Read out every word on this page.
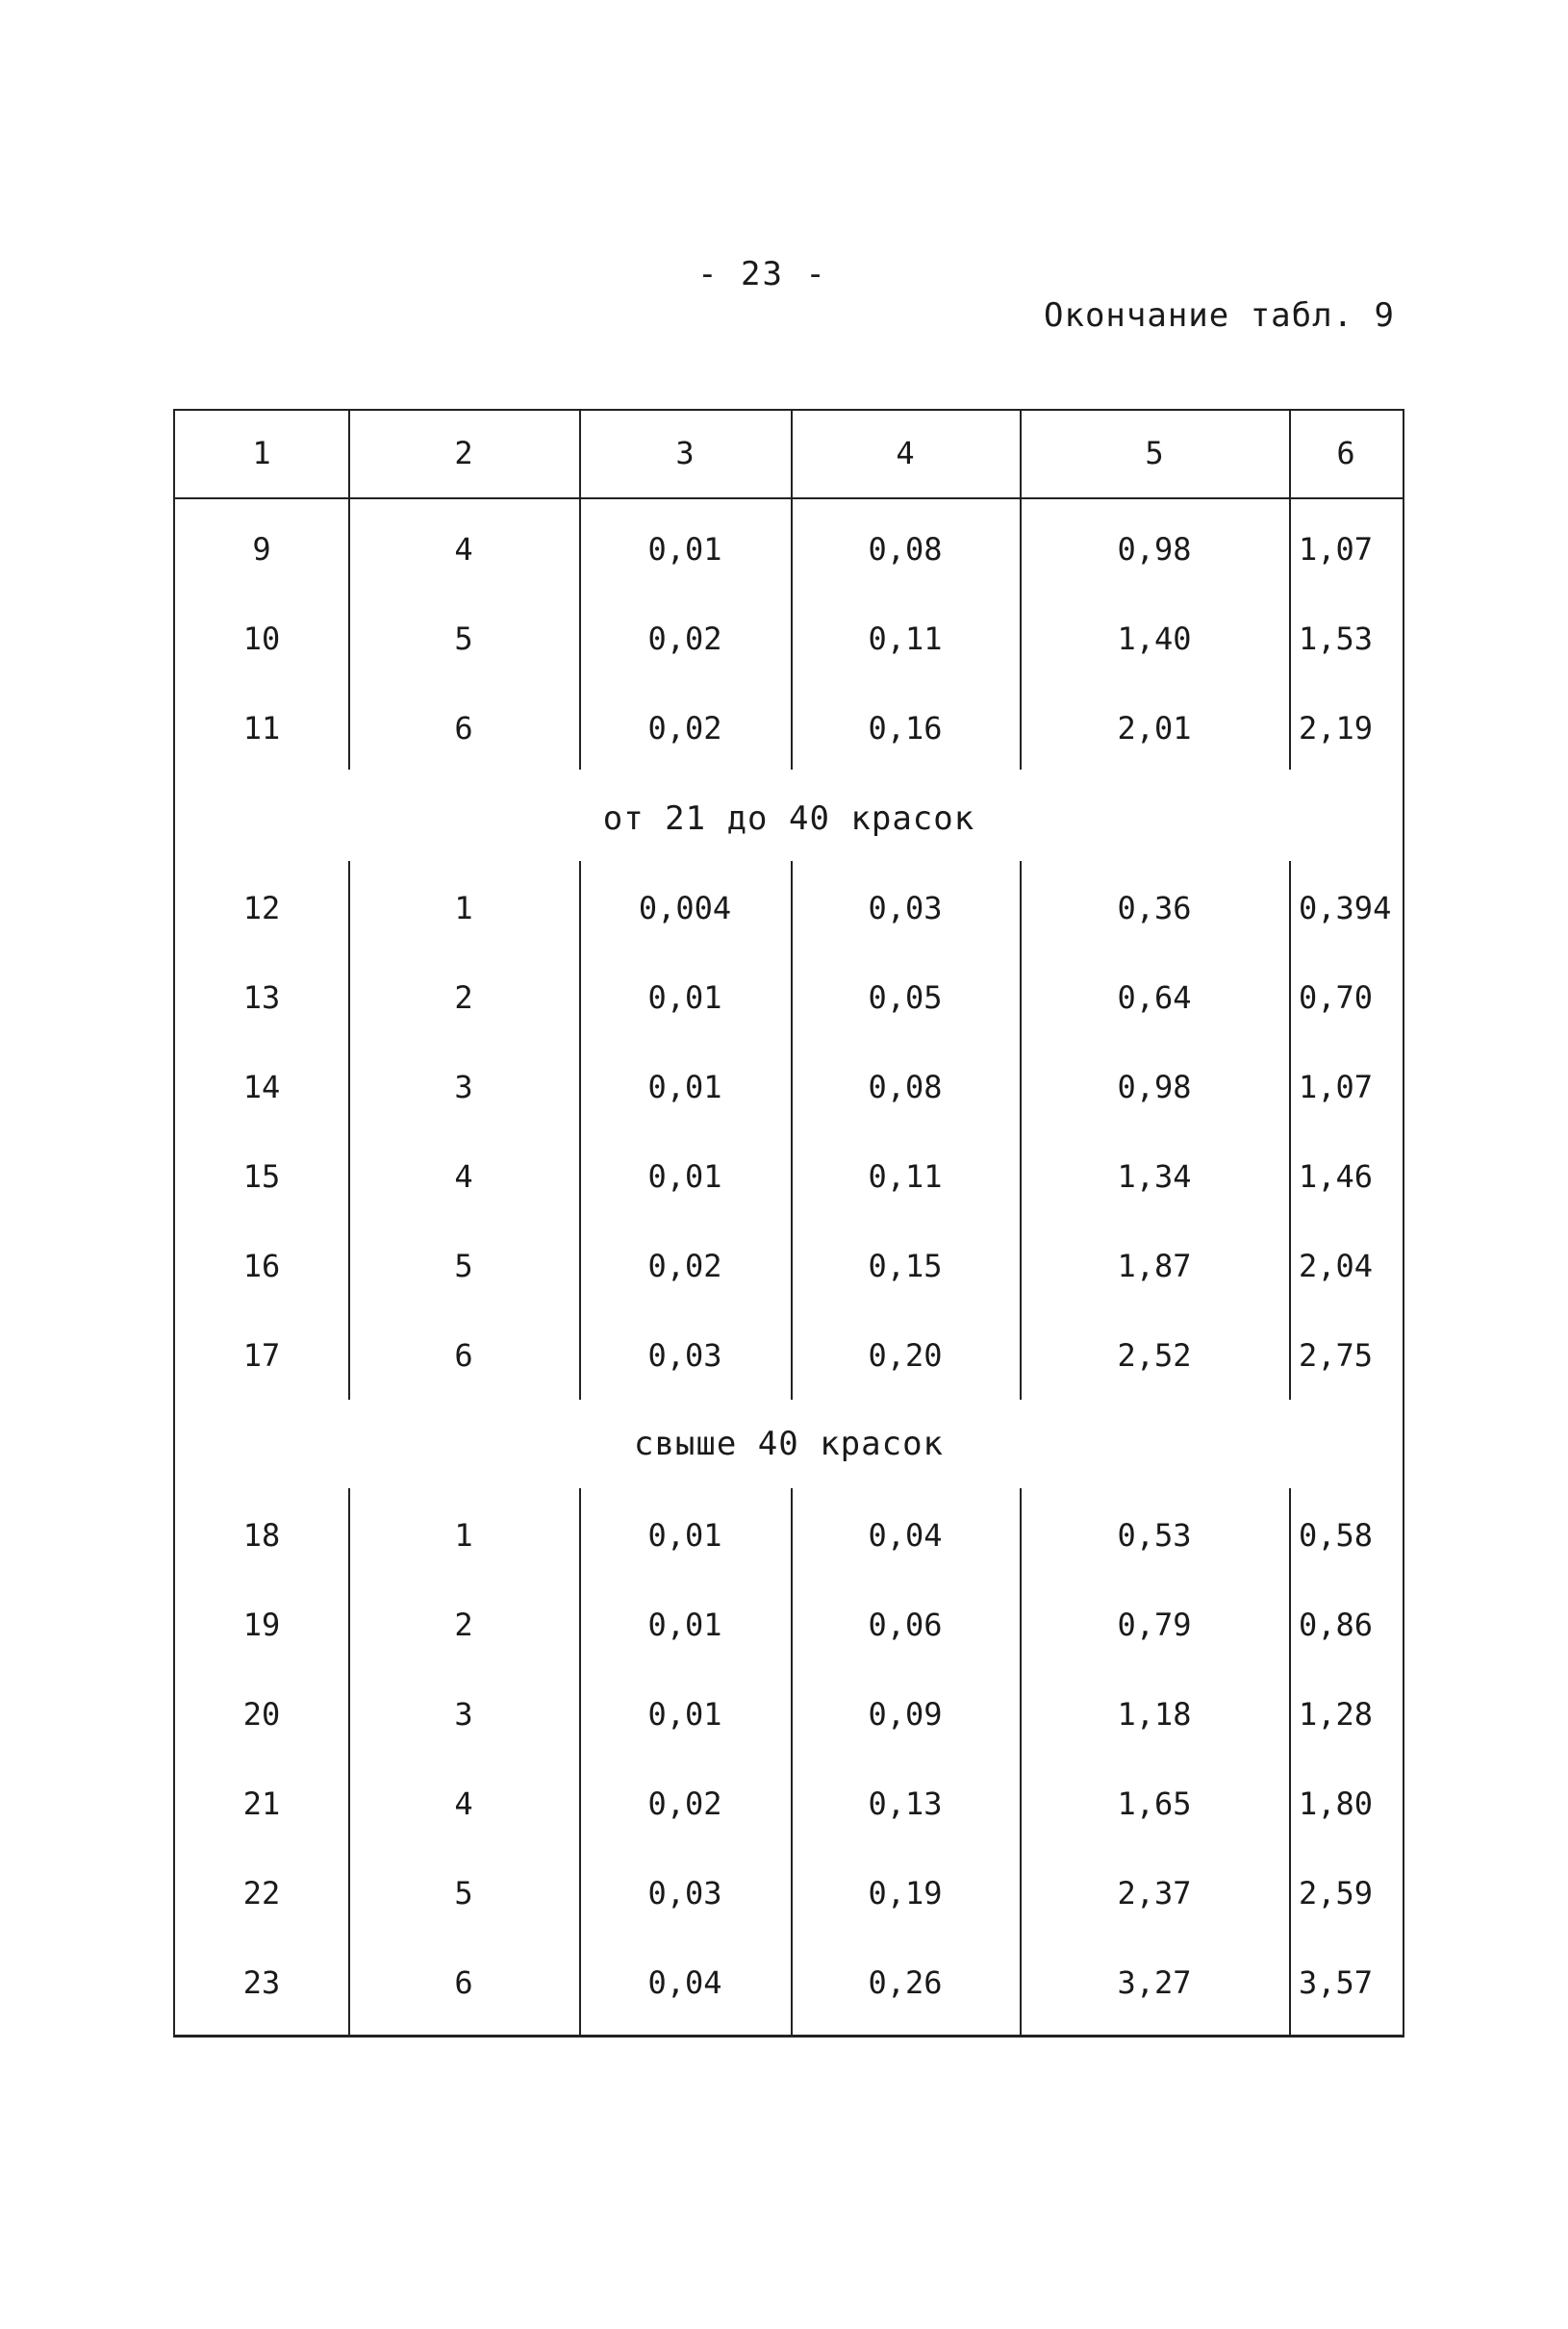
- 23 -
Окончание табл. 9
1	2	3	4	5	6
9	4	0,01	0,08	0,98	1,07
10	5	0,02	0,11	1,40	1,53
11	6	0,02	0,16	2,01	2,19
от 21 до 40 красок
12	1	0,004	0,03	0,36	0,394
13	2	0,01	0,05	0,64	0,70
14	3	0,01	0,08	0,98	1,07
15	4	0,01	0,11	1,34	1,46
16	5	0,02	0,15	1,87	2,04
17	6	0,03	0,20	2,52	2,75
свыше 40 красок
18	1	0,01	0,04	0,53	0,58
19	2	0,01	0,06	0,79	0,86
20	3	0,01	0,09	1,18	1,28
21	4	0,02	0,13	1,65	1,80
22	5	0,03	0,19	2,37	2,59
23	6	0,04	0,26	3,27	3,57
